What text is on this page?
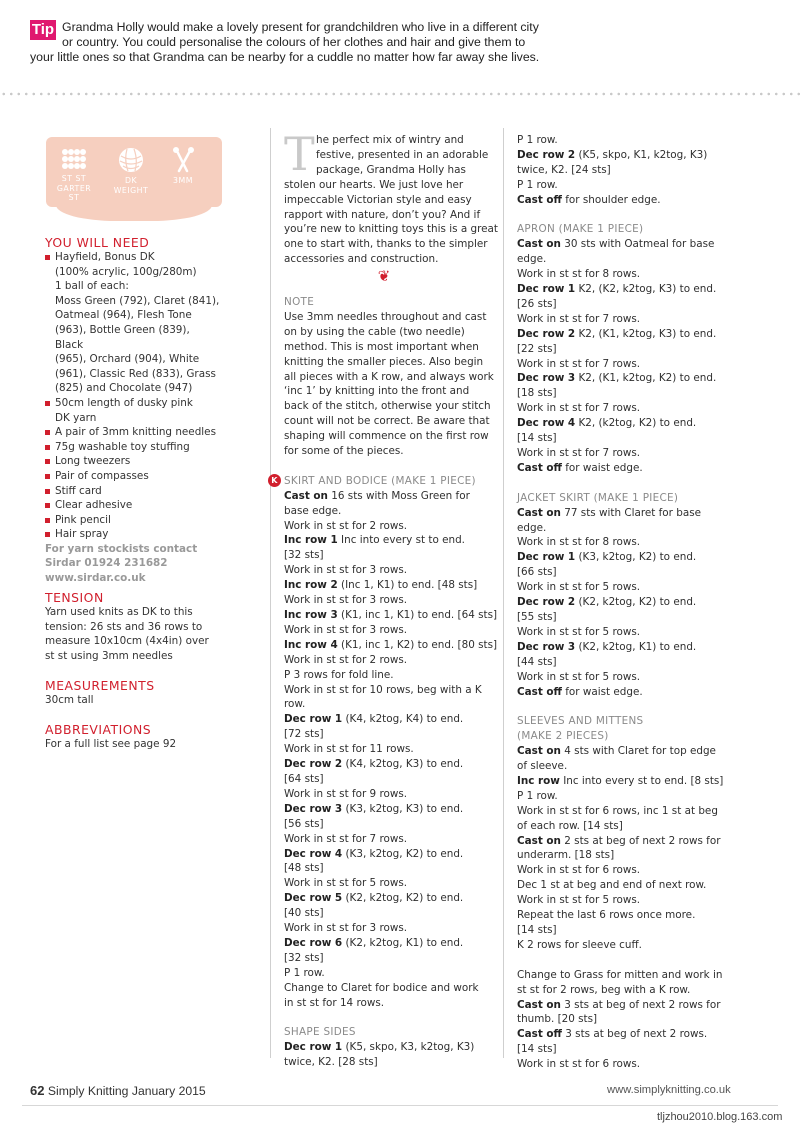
Tip Grandma Holly would make a lovely present for grandchildren who live in a different city
or country. You could personalise the colours of her clothes and hair and give them to
your little ones so that Grandma can be nearby for a cuddle no matter how far away she lives.
ST ST
GARTER ST
DK
WEIGHT
3MM
YOU WILL NEED
Hayfield, Bonus DK
(100% acrylic, 100g/280m)
1 ball of each:
Moss Green (792), Claret (841),
Oatmeal (964), Flesh Tone
(963), Bottle Green (839), Black
(965), Orchard (904), White
(961), Classic Red (833), Grass
(825) and Chocolate (947)
50cm length of dusky pink
DK yarn
A pair of 3mm knitting needles
75g washable toy stuffing
Long tweezers
Pair of compasses
Stiff card
Clear adhesive
Pink pencil
Hair spray
For yarn stockists contact
Sirdar 01924 231682
www.sirdar.co.uk
TENSION
Yarn used knits as DK to this
tension: 26 sts and 36 rows to
measure 10x10cm (4x4in) over
st st using 3mm needles
MEASUREMENTS
30cm tall
ABBREVIATIONS
For a full list see page 92
T he perfect mix of wintry and
festive, presented in an adorable
package, Grandma Holly has
stolen our hearts. We just love her
impeccable Victorian style and easy
rapport with nature, don’t you? And if
you’re new to knitting toys this is a great
one to start with, thanks to the simpler
accessories and construction.
❦
NOTE
Use 3mm needles throughout and cast
on by using the cable (two needle)
method. This is most important when
knitting the smaller pieces. Also begin
all pieces with a K row, and always work
‘inc 1’ by knitting into the front and
back of the stitch, otherwise your stitch
count will not be correct. Be aware that
shaping will commence on the first row
for some of the pieces.
K SKIRT AND BODICE (MAKE 1 PIECE)
Cast on 16 sts with Moss Green for
base edge.
Work in st st for 2 rows.
Inc row 1 Inc into every st to end.
[32 sts]
Work in st st for 3 rows.
Inc row 2 (Inc 1, K1) to end. [48 sts]
Work in st st for 3 rows.
Inc row 3 (K1, inc 1, K1) to end. [64 sts]
Work in st st for 3 rows.
Inc row 4 (K1, inc 1, K2) to end. [80 sts]
Work in st st for 2 rows.
P 3 rows for fold line.
Work in st st for 10 rows, beg with a K
row.
Dec row 1 (K4, k2tog, K4) to end.
[72 sts]
Work in st st for 11 rows.
Dec row 2 (K4, k2tog, K3) to end.
[64 sts]
Work in st st for 9 rows.
Dec row 3 (K3, k2tog, K3) to end.
[56 sts]
Work in st st for 7 rows.
Dec row 4 (K3, k2tog, K2) to end.
[48 sts]
Work in st st for 5 rows.
Dec row 5 (K2, k2tog, K2) to end.
[40 sts]
Work in st st for 3 rows.
Dec row 6 (K2, k2tog, K1) to end.
[32 sts]
P 1 row.
Change to Claret for bodice and work
in st st for 14 rows.
SHAPE SIDES
Dec row 1 (K5, skpo, K3, k2tog, K3)
twice, K2. [28 sts]
P 1 row.
Dec row 2 (K5, skpo, K1, k2tog, K3)
twice, K2. [24 sts]
P 1 row.
Cast off for shoulder edge.
APRON (MAKE 1 PIECE)
Cast on 30 sts with Oatmeal for base
edge.
Work in st st for 8 rows.
Dec row 1 K2, (K2, k2tog, K3) to end.
[26 sts]
Work in st st for 7 rows.
Dec row 2 K2, (K1, k2tog, K3) to end.
[22 sts]
Work in st st for 7 rows.
Dec row 3 K2, (K1, k2tog, K2) to end.
[18 sts]
Work in st st for 7 rows.
Dec row 4 K2, (k2tog, K2) to end.
[14 sts]
Work in st st for 7 rows.
Cast off for waist edge.
JACKET SKIRT (MAKE 1 PIECE)
Cast on 77 sts with Claret for base
edge.
Work in st st for 8 rows.
Dec row 1 (K3, k2tog, K2) to end.
[66 sts]
Work in st st for 5 rows.
Dec row 2 (K2, k2tog, K2) to end.
[55 sts]
Work in st st for 5 rows.
Dec row 3 (K2, k2tog, K1) to end.
[44 sts]
Work in st st for 5 rows.
Cast off for waist edge.
SLEEVES AND MITTENS
(MAKE 2 PIECES)
Cast on 4 sts with Claret for top edge
of sleeve.
Inc row Inc into every st to end. [8 sts]
P 1 row.
Work in st st for 6 rows, inc 1 st at beg
of each row. [14 sts]
Cast on 2 sts at beg of next 2 rows for
underarm. [18 sts]
Work in st st for 6 rows.
Dec 1 st at beg and end of next row.
Work in st st for 5 rows.
Repeat the last 6 rows once more.
[14 sts]
K 2 rows for sleeve cuff.
Change to Grass for mitten and work in
st st for 2 rows, beg with a K row.
Cast on 3 sts at beg of next 2 rows for
thumb. [20 sts]
Cast off 3 sts at beg of next 2 rows.
[14 sts]
Work in st st for 6 rows.
62 Simply Knitting January 2015	www.simplyknitting.co.uk
tljzhou2010.blog.163.com
